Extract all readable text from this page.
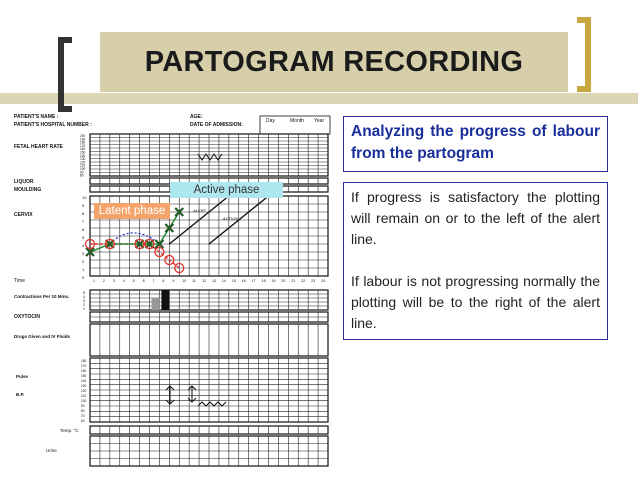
PARTOGRAM RECORDING
PATIENT'S NAME :
PATIENT'S HOSPITAL NUMBER :
AGE:
DATE OF ADMISSION:
Day	Month Year
FETAL HEART RATE
200
190
180
170
160
150
140
130
120
110
100
90
80
LIQUOR
MOULDING
CERVIX
10
9
8
7
6
5
4
3
2
1
0
1 2 3 4 5 6 7 8 9 10 11 12 13 14 15 16 17 18 19 20 21 22 23 24
Time
ALERT
ACTION
Contractions Per 10 Mins.
5
4
3
2
1
OXYTOCIN
Drugs Given and IV Fluids
Pulse
B.P.
180
170
160
150
140
130
120
110
100
90
80
70
60
Temp. °C
Urine
Active phase
Latent phase
Analyzing the progress of labour from the partogram

If progress is satisfactory the plotting will remain on or to the left of the alert line.

If labour is not progressing normally the plotting will be to the right of the alert line.
